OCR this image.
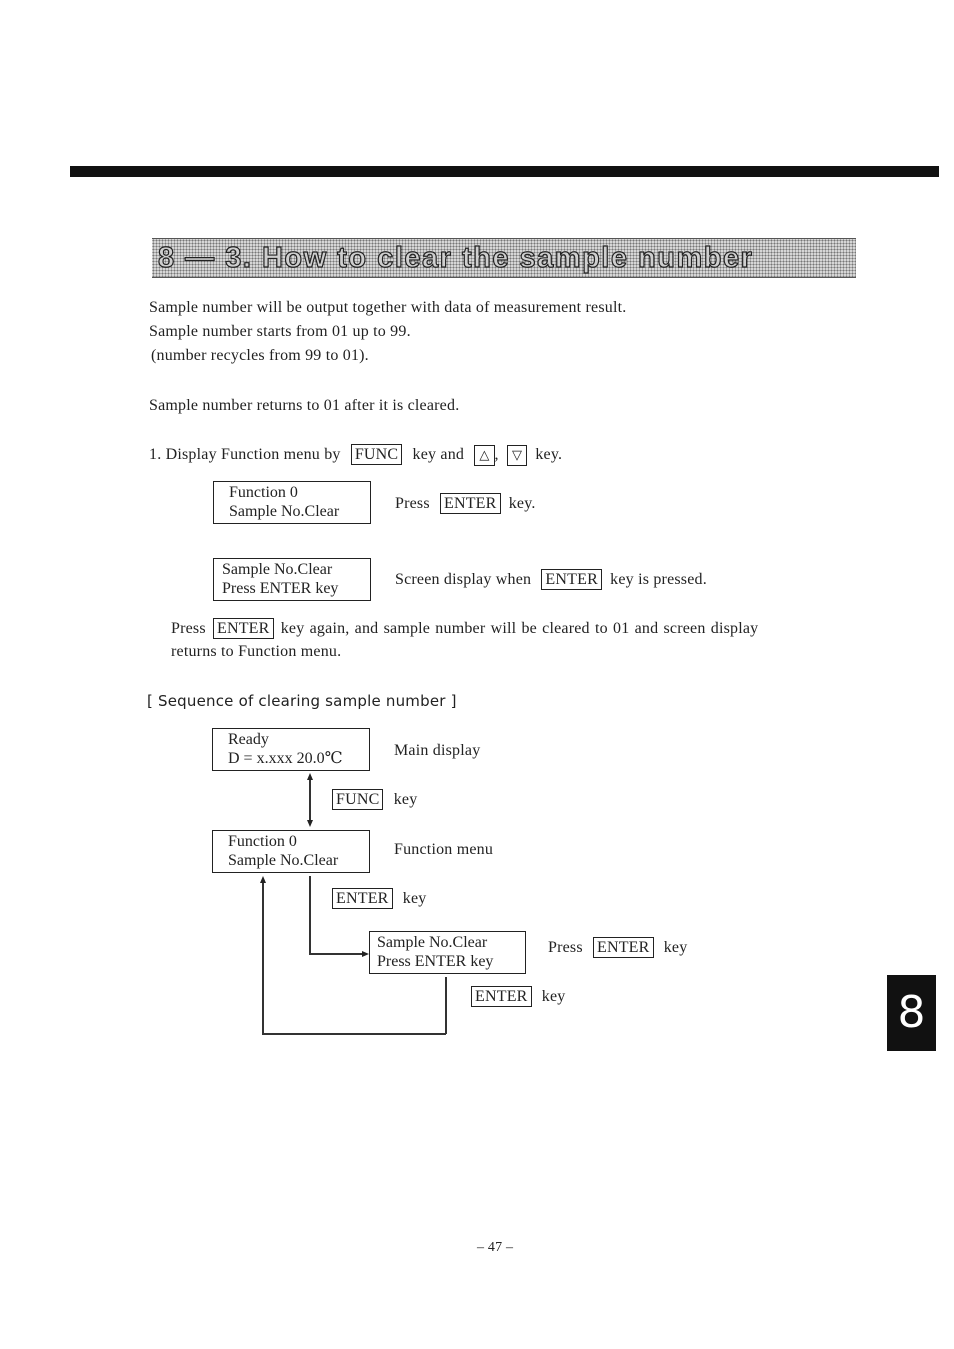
8 — 3. How to clear the sample number
Sample number will be output together with data of measurement result.
Sample number starts from 01 up to 99.
(number recycles from 99 to 01).
Sample number returns to 01 after it is cleared.
1. Display Function menu by FUNC key and △ , ▽ key.
Function 0
Sample No.Clear	Press ENTER key.
Sample No.Clear
Press ENTER key
Screen display when ENTER key is pressed.
Press ENTER key again, and sample number will be cleared to 01 and screen display
returns to Function menu.
[ Sequence of clearing sample number ]
Ready
D = x.xxx 20.0℃	Main display
FUNC key
Function 0
Sample No.Clear
Function menu
ENTER key
Sample No.Clear
Press ENTER key
Press ENTER key
ENTER key	8
– 47 –
